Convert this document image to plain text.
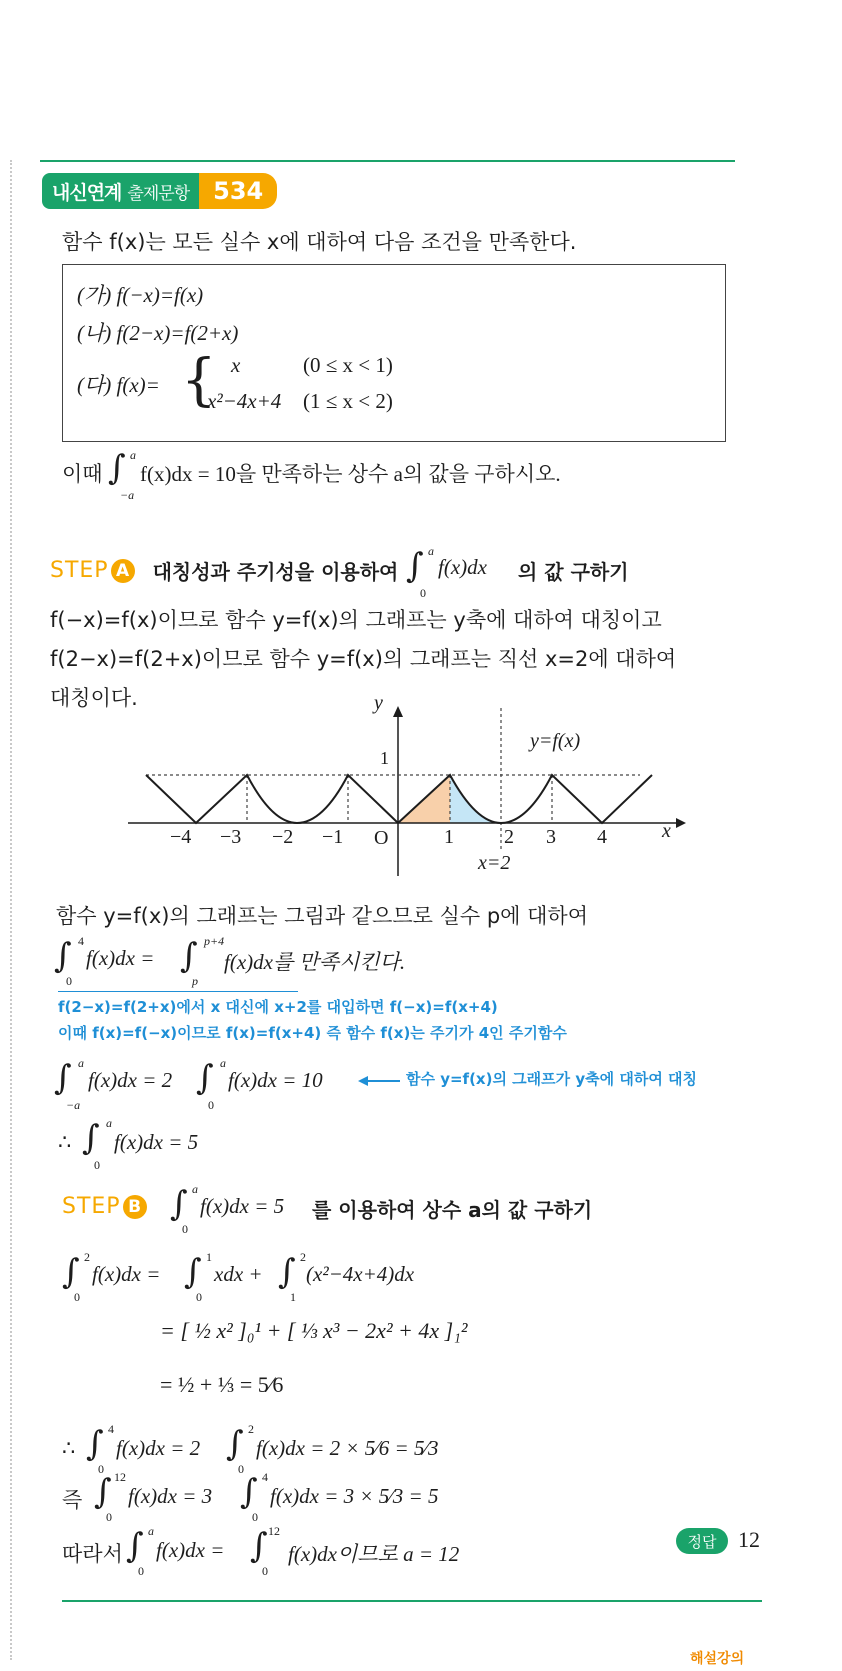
내신연계 출제문항	534
함수 f(x)는 모든 실수 x에 대하여 다음 조건을 만족한다.
(가) f(−x)=f(x)
(나) f(2−x)=f(2+x)
(다) f(x)= { x	(0 ≤ x < 1)
x²−4x+4 (1 ≤ x < 2)
이때 ∫ a
−a
f(x)dx = 10을 만족하는 상수 a의 값을 구하시오.
STEP A 대칭성과 주기성을 이용하여 ∫ a
0
f(x)dx 의 값 구하기
f(−x)=f(x)이므로 함수 y=f(x)의 그래프는 y축에 대하여 대칭이고
f(2−x)=f(2+x)이므로 함수 y=f(x)의 그래프는 직선 x=2에 대하여
대칭이다.	y
x
y=f(x)
1
O
−4 −3 −2 −1	1	2 3 4
x=2
함수 y=f(x)의 그래프는 그림과 같으므로 실수 p에 대하여
∫ 4
0
f(x)dx = ∫ p+4
p
f(x)dx를 만족시킨다.
f(2−x)=f(2+x)에서 x 대신에 x+2를 대입하면 f(−x)=f(x+4)
이때 f(x)=f(−x)이므로 f(x)=f(x+4) 즉 함수 f(x)는 주기가 4인 주기함수
∫ a
−a
f(x)dx = 2 ∫ a
0
f(x)dx = 10	함수 y=f(x)의 그래프가 y축에 대하여 대칭
∴ ∫ a
0
f(x)dx = 5
STEP B ∫ a
0
f(x)dx = 5 를 이용하여 상수 a의 값 구하기
∫ 2
0
f(x)dx = ∫ 1
0
xdx + ∫ 2
1
(x²−4x+4)dx
= [ ½ x² ]₀¹ + [ ⅓ x³ − 2x² + 4x ]₁²
= ½ + ⅓ = 5⁄6
∴ ∫ 4
0
f(x)dx = 2 ∫ 2
0
f(x)dx = 2 × 5⁄6 = 5⁄3
즉 ∫ 12
0
f(x)dx = 3 ∫ 4
0
f(x)dx = 3 × 5⁄3 = 5
따라서 ∫ a
0
f(x)dx = ∫ 12
0
f(x)dx이므로 a = 12
정답 12
해설강의
